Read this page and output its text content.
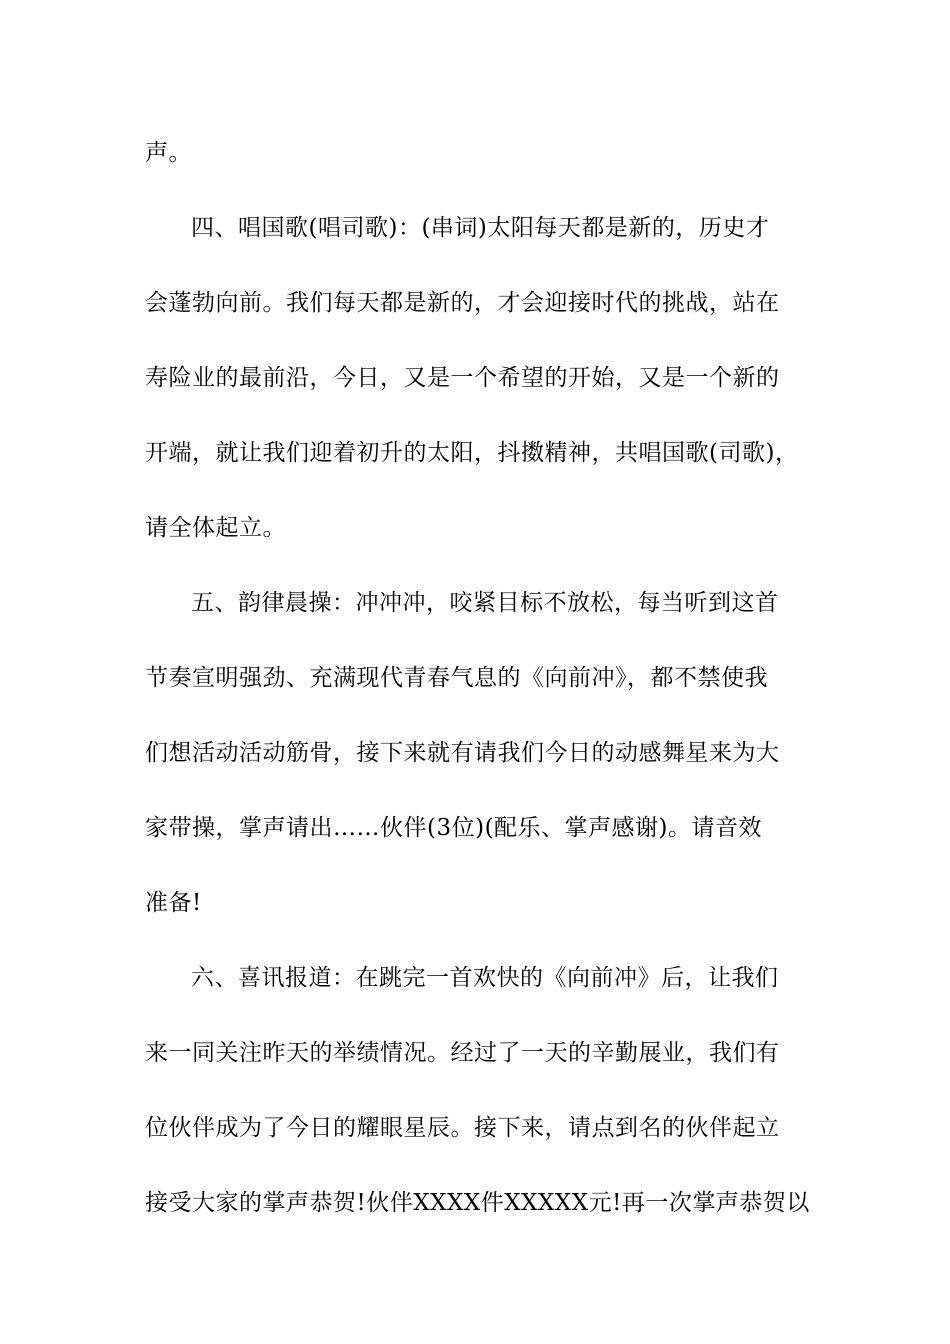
声。
四、唱国歌(唱司歌)：(串词)太阳每天都是新的，历史才
会蓬勃向前。我们每天都是新的，才会迎接时代的挑战，站在
寿险业的最前沿，今日，又是一个希望的开始，又是一个新的
开端，就让我们迎着初升的太阳，抖擞精神，共唱国歌(司歌)，
请全体起立。
五、韵律晨操：冲冲冲，咬紧目标不放松，每当听到这首
节奏宣明强劲、充满现代青春气息的《向前冲》，都不禁使我
们想活动活动筋骨，接下来就有请我们今日的动感舞星来为大
家带操，掌声请出……伙伴(3位)(配乐、掌声感谢)。请音效
准备!
六、喜讯报道：在跳完一首欢快的《向前冲》后，让我们
来一同关注昨天的举绩情况。经过了一天的辛勤展业，我们有
位伙伴成为了今日的耀眼星辰。接下来，请点到名的伙伴起立
接受大家的掌声恭贺!伙伴XXXX件XXXXX元!再一次掌声恭贺以
